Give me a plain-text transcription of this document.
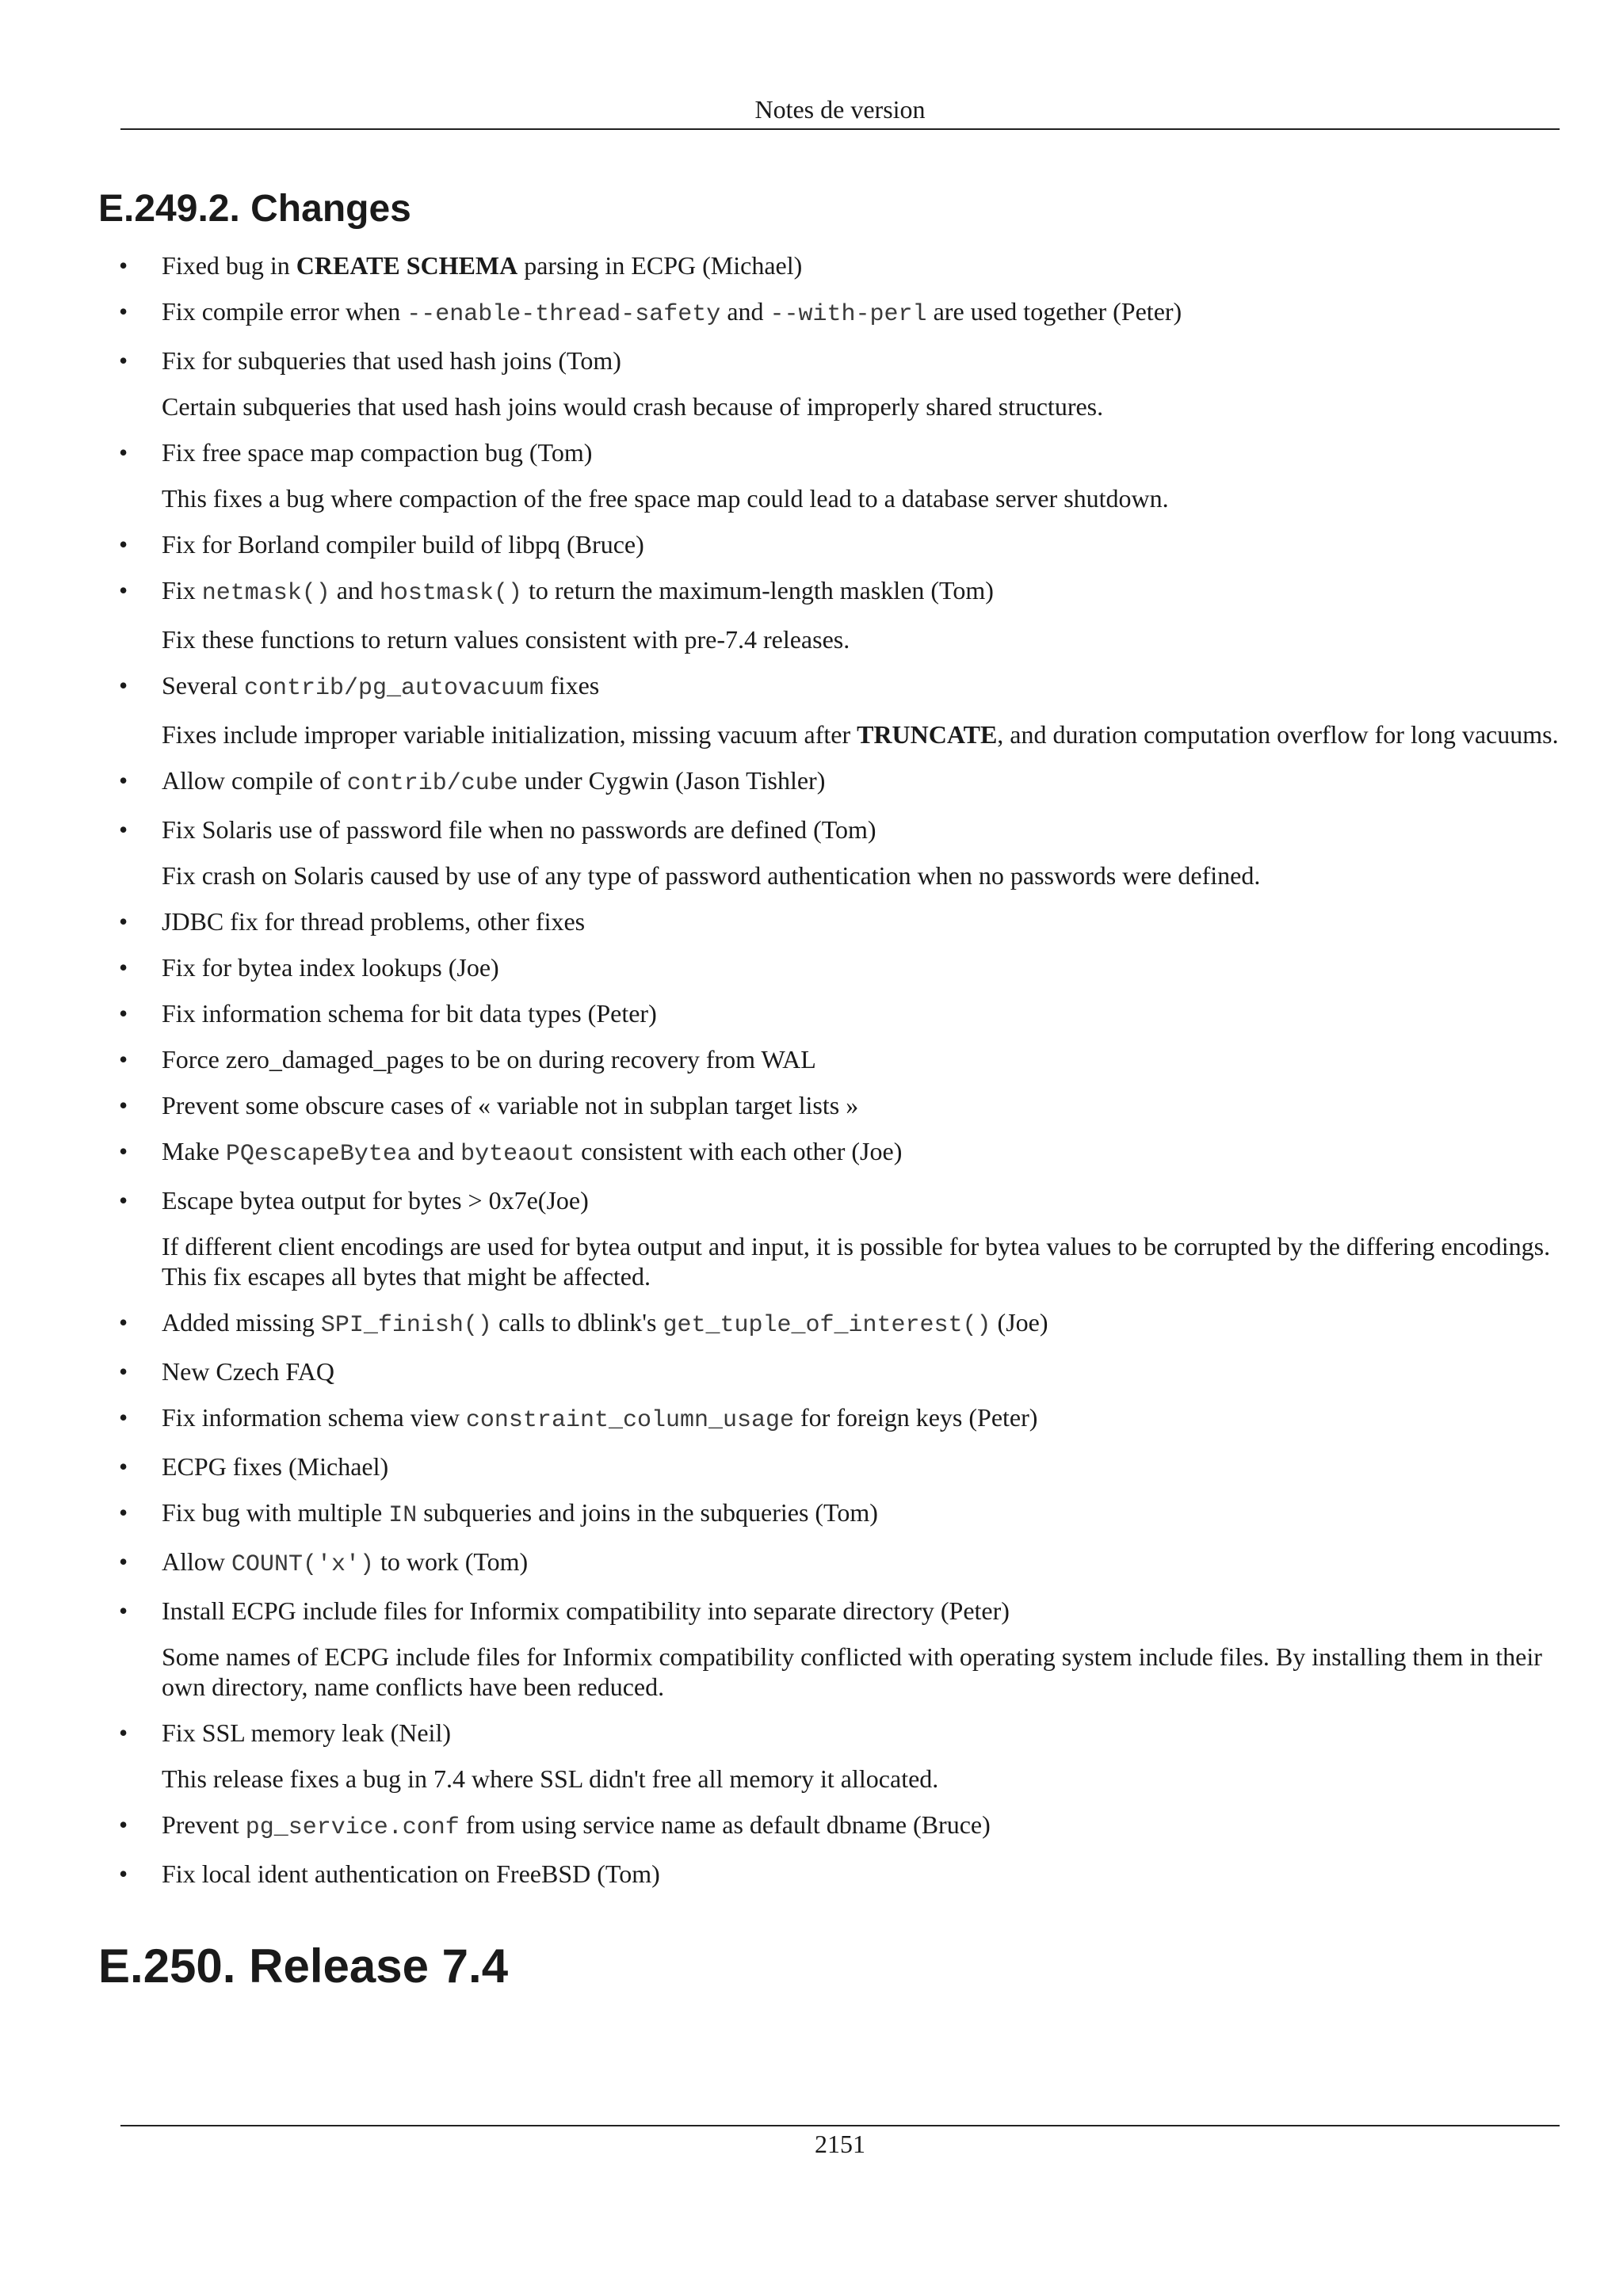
Notes de version
E.249.2. Changes
• Fixed bug in CREATE SCHEMA parsing in ECPG (Michael)
• Fix compile error when --enable-thread-safety and --with-perl are used together (Peter)
• Fix for subqueries that used hash joins (Tom)
Certain subqueries that used hash joins would crash because of improperly shared structures.
• Fix free space map compaction bug (Tom)
This fixes a bug where compaction of the free space map could lead to a database server shutdown.
• Fix for Borland compiler build of libpq (Bruce)
• Fix netmask() and hostmask() to return the maximum-length masklen (Tom)
Fix these functions to return values consistent with pre-7.4 releases.
• Several contrib/pg_autovacuum fixes
Fixes include improper variable initialization, missing vacuum after TRUNCATE, and duration computation overflow for long vacuums.
• Allow compile of contrib/cube under Cygwin (Jason Tishler)
• Fix Solaris use of password file when no passwords are defined (Tom)
Fix crash on Solaris caused by use of any type of password authentication when no passwords were defined.
• JDBC fix for thread problems, other fixes
• Fix for bytea index lookups (Joe)
• Fix information schema for bit data types (Peter)
• Force zero_damaged_pages to be on during recovery from WAL
• Prevent some obscure cases of « variable not in subplan target lists »
• Make PQescapeBytea and byteaout consistent with each other (Joe)
• Escape bytea output for bytes > 0x7e(Joe)
If different client encodings are used for bytea output and input, it is possible for bytea values to be corrupted by the differing encodings. This fix escapes all bytes that might be affected.
• Added missing SPI_finish() calls to dblink's get_tuple_of_interest() (Joe)
• New Czech FAQ
• Fix information schema view constraint_column_usage for foreign keys (Peter)
• ECPG fixes (Michael)
• Fix bug with multiple IN subqueries and joins in the subqueries (Tom)
• Allow COUNT('x') to work (Tom)
• Install ECPG include files for Informix compatibility into separate directory (Peter)
Some names of ECPG include files for Informix compatibility conflicted with operating system include files. By installing them in their own directory, name conflicts have been reduced.
• Fix SSL memory leak (Neil)
This release fixes a bug in 7.4 where SSL didn't free all memory it allocated.
• Prevent pg_service.conf from using service name as default dbname (Bruce)
• Fix local ident authentication on FreeBSD (Tom)
E.250. Release 7.4
2151
